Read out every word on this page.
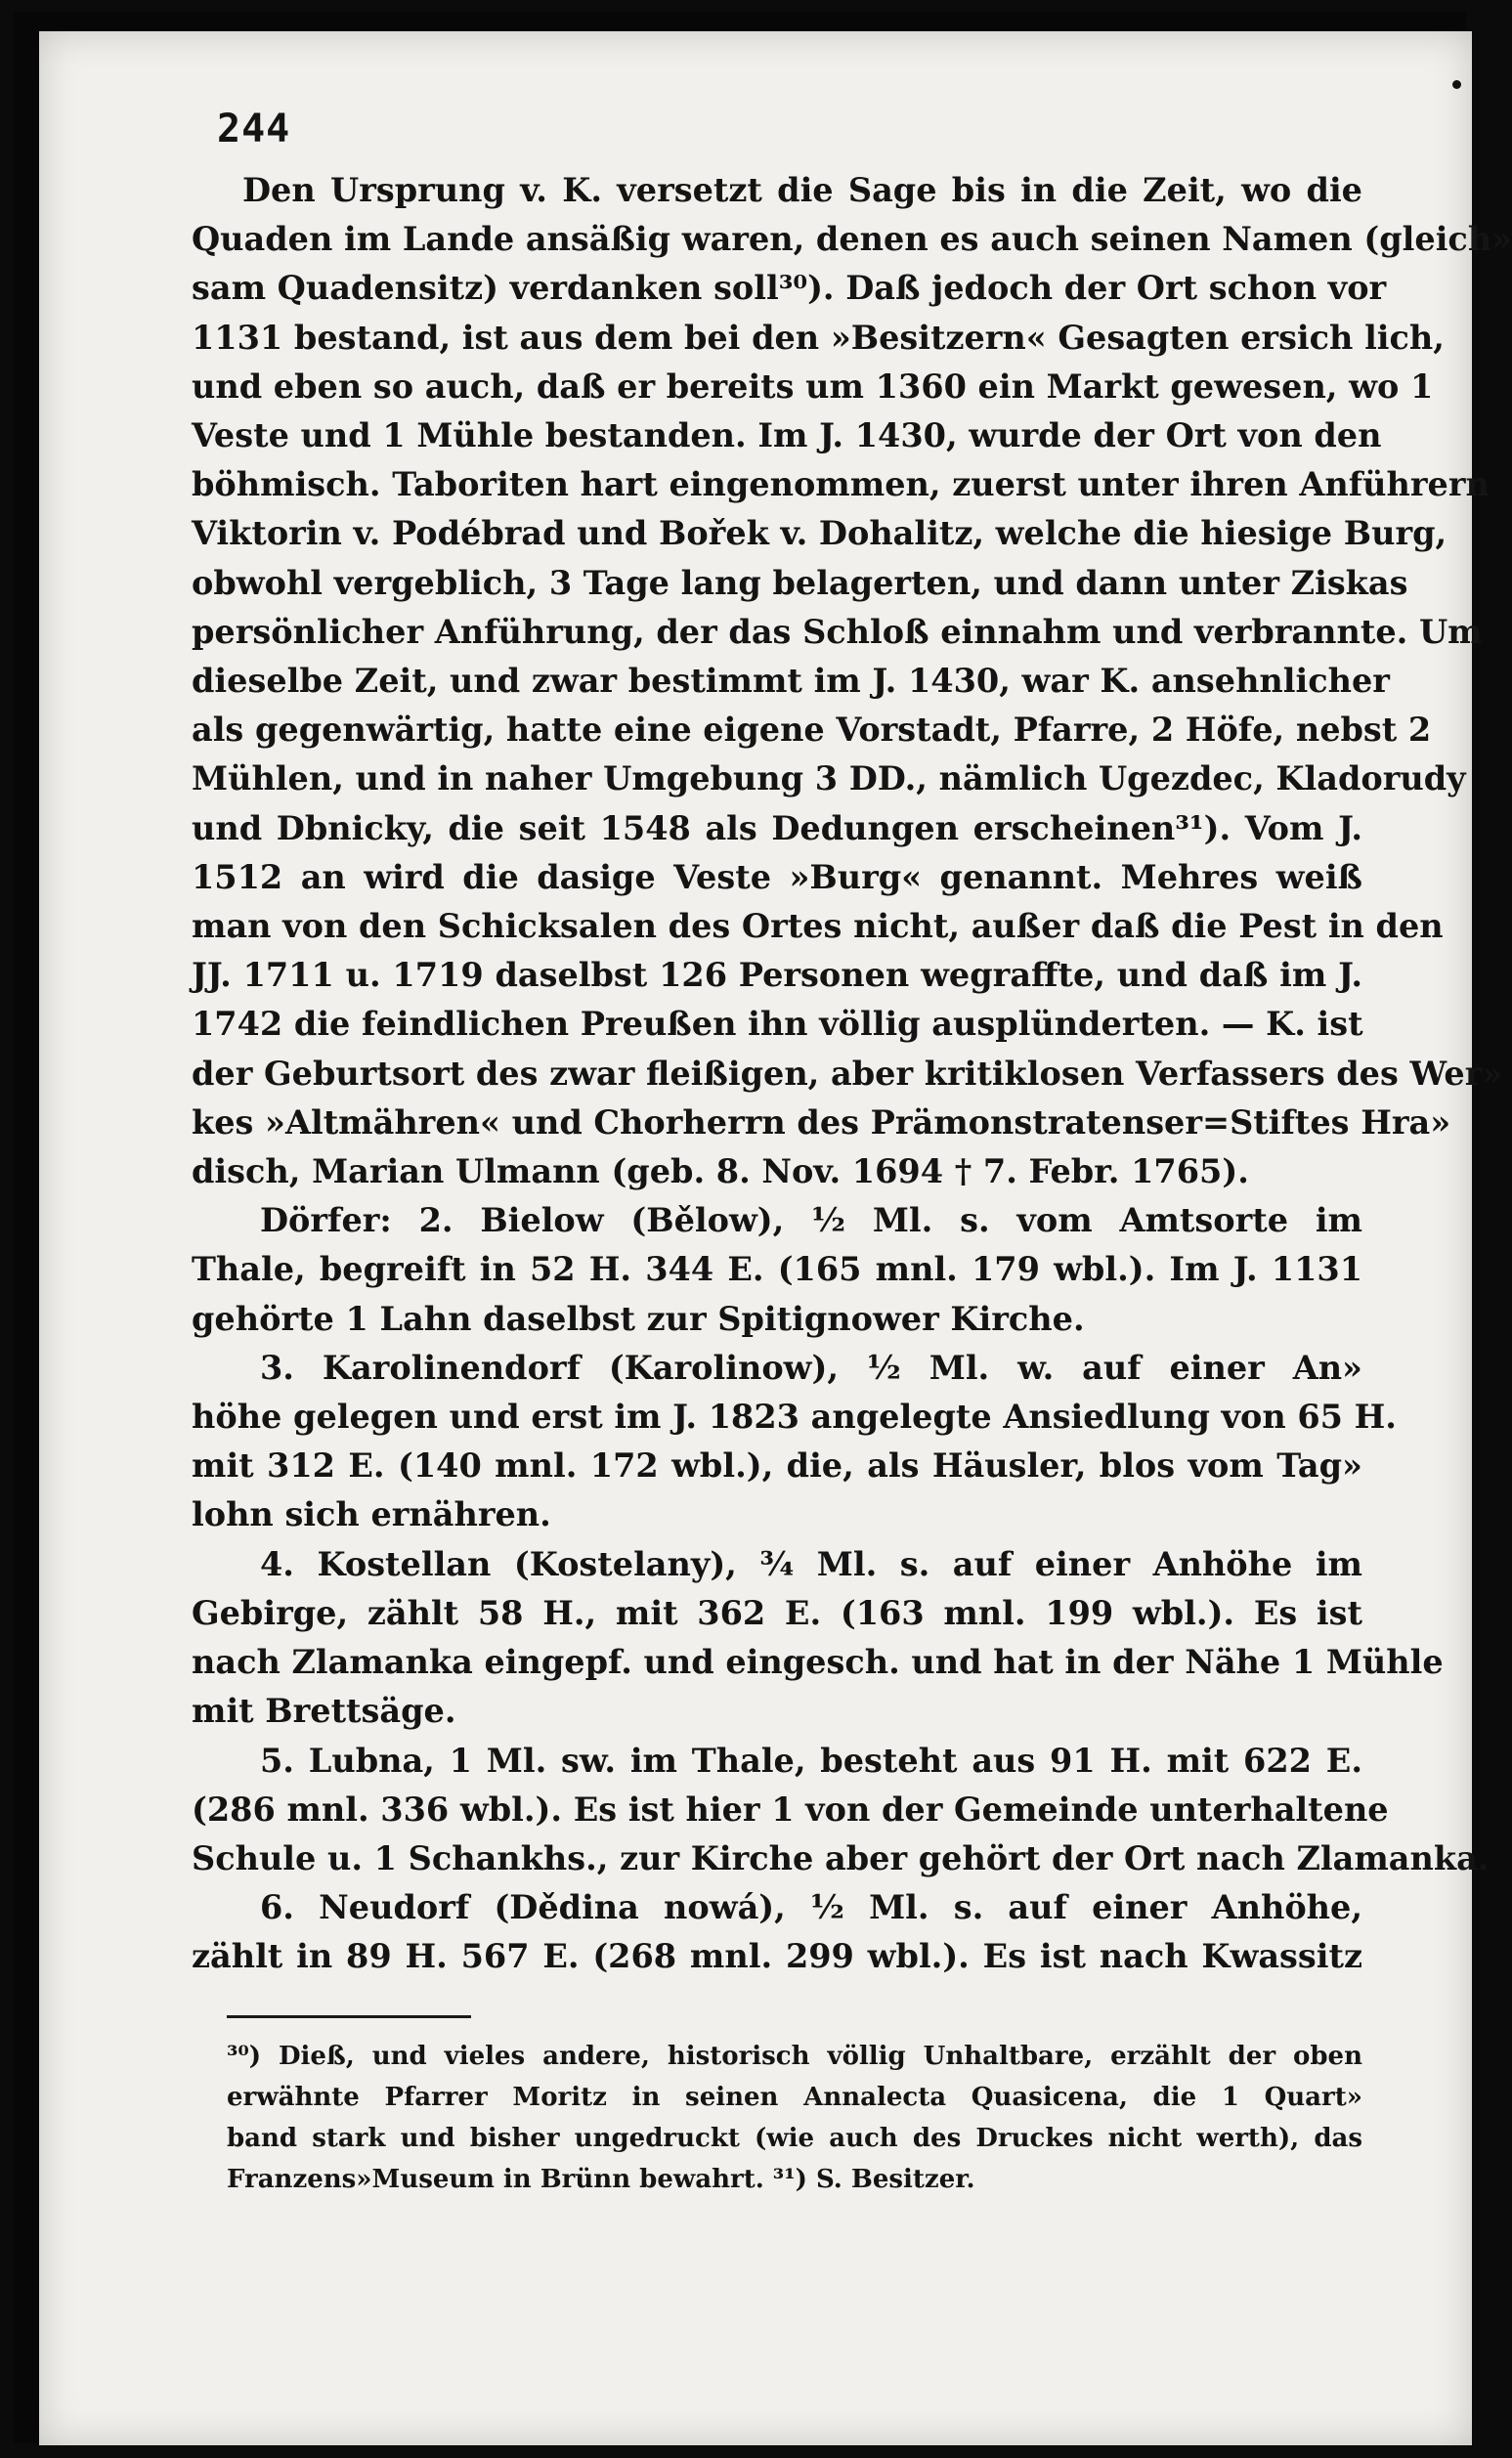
244
Den Ursprung v. K. versetzt die Sage bis in die Zeit, wo die
Quaden im Lande ansäßig waren, denen es auch seinen Namen (gleich»
sam Quadensitz) verdanken soll³⁰). Daß jedoch der Ort schon vor
1131 bestand, ist aus dem bei den »Besitzern« Gesagten ersich lich,
und eben so auch, daß er bereits um 1360 ein Markt gewesen, wo 1
Veste und 1 Mühle bestanden. Im J. 1430, wurde der Ort von den
böhmisch. Taboriten hart eingenommen, zuerst unter ihren Anführern
Viktorin v. Podébrad und Bořek v. Dohalitz, welche die hiesige Burg,
obwohl vergeblich, 3 Tage lang belagerten, und dann unter Ziskas
persönlicher Anführung, der das Schloß einnahm und verbrannte. Um
dieselbe Zeit, und zwar bestimmt im J. 1430, war K. ansehnlicher
als gegenwärtig, hatte eine eigene Vorstadt, Pfarre, 2 Höfe, nebst 2
Mühlen, und in naher Umgebung 3 DD., nämlich Ugezdec, Kladorudy
und Dbnicky, die seit 1548 als Dedungen erscheinen³¹). Vom J.
1512 an wird die dasige Veste »Burg« genannt. Mehres weiß
man von den Schicksalen des Ortes nicht, außer daß die Pest in den
JJ. 1711 u. 1719 daselbst 126 Personen wegraffte, und daß im J.
1742 die feindlichen Preußen ihn völlig ausplünderten. — K. ist
der Geburtsort des zwar fleißigen, aber kritiklosen Verfassers des Wer»
kes »Altmähren« und Chorherrn des Prämonstratenser=Stiftes Hra»
disch, Marian Ulmann (geb. 8. Nov. 1694 † 7. Febr. 1765).
Dörfer: 2. Bielow (Bělow), ½ Ml. s. vom Amtsorte im
Thale, begreift in 52 H. 344 E. (165 mnl. 179 wbl.). Im J. 1131
gehörte 1 Lahn daselbst zur Spitignower Kirche.
3. Karolinendorf (Karolinow), ½ Ml. w. auf einer An»
höhe gelegen und erst im J. 1823 angelegte Ansiedlung von 65 H.
mit 312 E. (140 mnl. 172 wbl.), die, als Häusler, blos vom Tag»
lohn sich ernähren.
4. Kostellan (Kostelany), ¾ Ml. s. auf einer Anhöhe im
Gebirge, zählt 58 H., mit 362 E. (163 mnl. 199 wbl.). Es ist
nach Zlamanka eingepf. und eingesch. und hat in der Nähe 1 Mühle
mit Brettsäge.
5. Lubna, 1 Ml. sw. im Thale, besteht aus 91 H. mit 622 E.
(286 mnl. 336 wbl.). Es ist hier 1 von der Gemeinde unterhaltene
Schule u. 1 Schankhs., zur Kirche aber gehört der Ort nach Zlamanka.
6. Neudorf (Dědina nowá), ½ Ml. s. auf einer Anhöhe,
zählt in 89 H. 567 E. (268 mnl. 299 wbl.). Es ist nach Kwassitz
³⁰) Dieß, und vieles andere, historisch völlig Unhaltbare, erzählt der oben
erwähnte Pfarrer Moritz in seinen Annalecta Quasicena, die 1 Quart»
band stark und bisher ungedruckt (wie auch des Druckes nicht werth), das
Franzens»Museum in Brünn bewahrt. ³¹) S. Besitzer.
